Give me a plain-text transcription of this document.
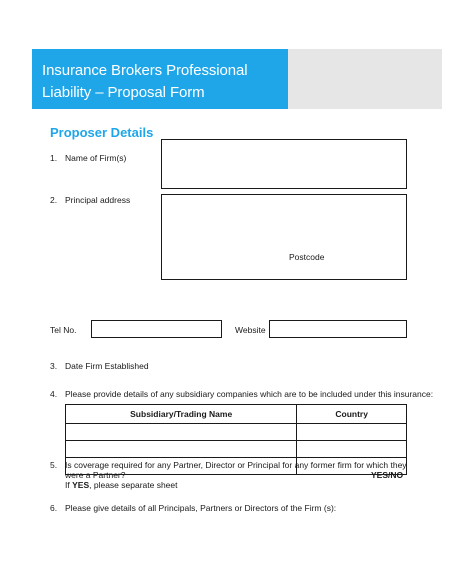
Insurance Brokers Professional
Liability – Proposal Form
Proposer Details
1. Name of Firm(s)
2. Principal address
Postcode
Tel No.	Website
3. Date Firm Established
4. Please provide details of any subsidiary companies which are to be included under this insurance:
Subsidiary/Trading Name	Country

5. Is coverage required for any Partner, Director or Principal for any former firm for which they
were a Partner?	YES/NO
If YES, please separate sheet
6. Please give details of all Principals, Partners or Directors of the Firm (s):
